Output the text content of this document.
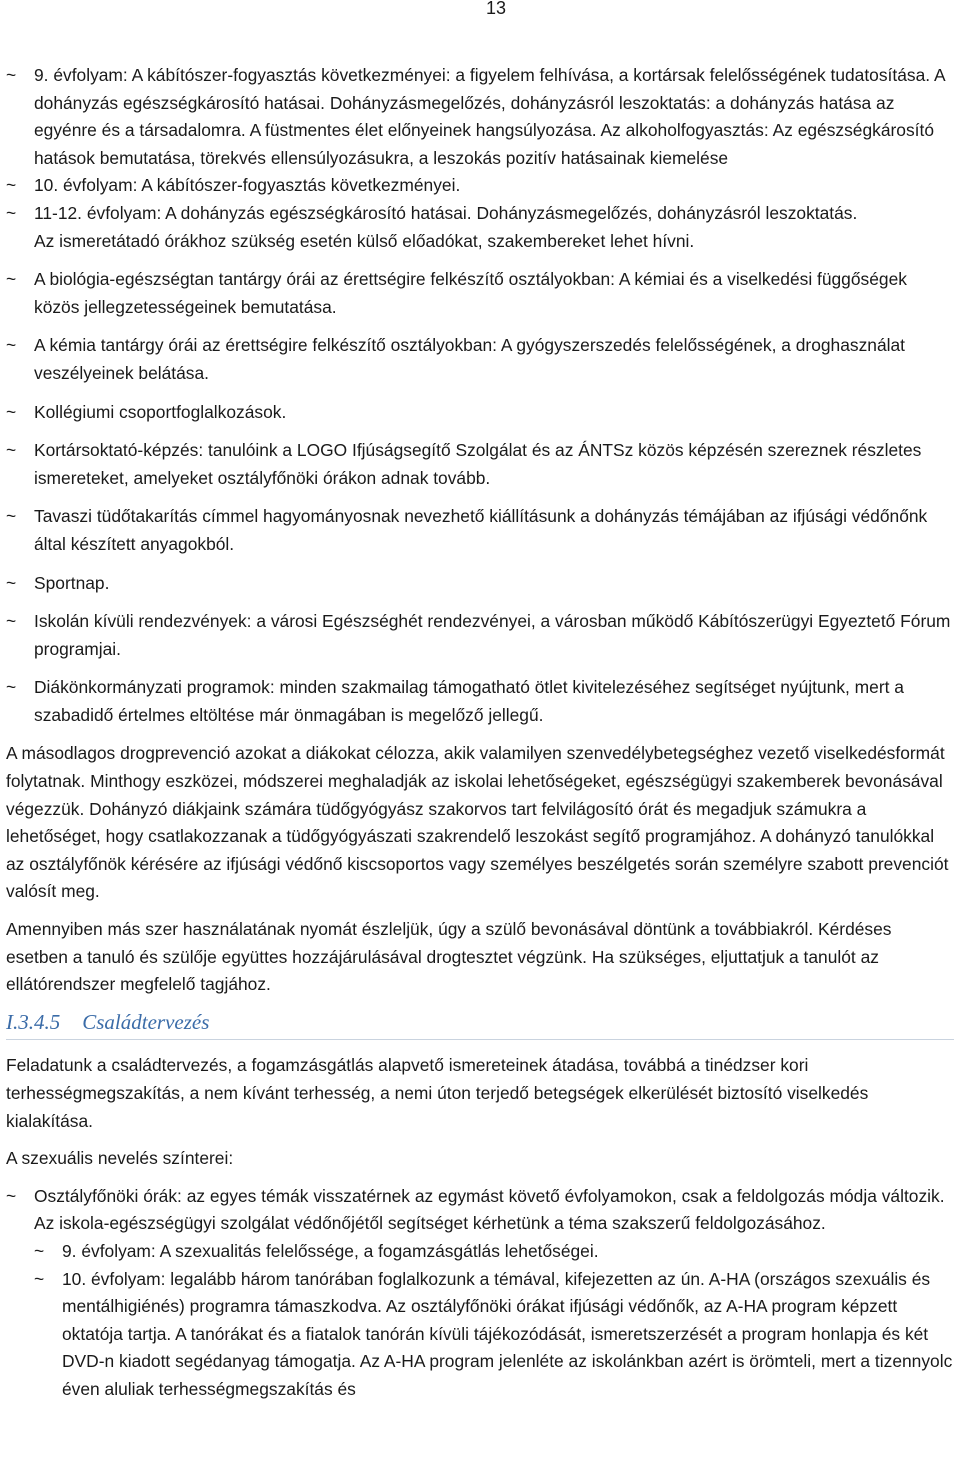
13
~ 9. évfolyam: A kábítószer-fogyasztás következményei: a figyelem felhívása, a kortársak felelősségének tudatosítása. A dohányzás egészségkárosító hatásai. Dohányzásmegelőzés, dohányzásról leszoktatás: a dohányzás hatása az egyénre és a társadalomra. A füstmentes élet előnyeinek hangsúlyozása. Az alkoholfogyasztás: Az egészségkárosító hatások bemutatása, törekvés ellensúlyozásukra, a leszokás pozitív hatásainak kiemelése
~ 10. évfolyam: A kábítószer-fogyasztás következményei.
~ 11-12. évfolyam: A dohányzás egészségkárosító hatásai. Dohányzásmegelőzés, dohányzásról leszoktatás.
Az ismeretátadó órákhoz szükség esetén külső előadókat, szakembereket lehet hívni.
~ A biológia-egészségtan tantárgy órái az érettségire felkészítő osztályokban: A kémiai és a viselkedési függőségek közös jellegzetességeinek bemutatása.
~ A kémia tantárgy órái az érettségire felkészítő osztályokban: A gyógyszerszedés felelősségének, a droghasználat veszélyeinek belátása.
~ Kollégiumi csoportfoglalkozások.
~ Kortársoktató-képzés: tanulóink a LOGO Ifjúságsegítő Szolgálat és az ÁNTSz közös képzésén szereznek részletes ismereteket, amelyeket osztályfőnöki órákon adnak tovább.
~ Tavaszi tüdőtakarítás címmel hagyományosnak nevezhető kiállításunk a dohányzás témájában az ifjúsági védőnőnk által készített anyagokból.
~ Sportnap.
~ Iskolán kívüli rendezvények: a városi Egészséghét rendezvényei, a városban működő Kábítószerügyi Egyeztető Fórum programjai.
~ Diákönkormányzati programok: minden szakmailag támogatható ötlet kivitelezéséhez segítséget nyújtunk, mert a szabadidő értelmes eltöltése már önmagában is megelőző jellegű.

A másodlagos drogprevenció azokat a diákokat célozza, akik valamilyen szenvedélybetegséghez vezető viselkedésformát folytatnak. Minthogy eszközei, módszerei meghaladják az iskolai lehetőségeket, egészségügyi szakemberek bevonásával végezzük. Dohányzó diákjaink számára tüdőgyógyász szakorvos tart felvilágosító órát és megadjuk számukra a lehetőséget, hogy csatlakozzanak a tüdőgyógyászati szakrendelő leszokást segítő programjához. A dohányzó tanulókkal az osztályfőnök kérésére az ifjúsági védőnő kiscsoportos vagy személyes beszélgetés során személyre szabott prevenciót valósít meg.

Amennyiben más szer használatának nyomát észleljük, úgy a szülő bevonásával döntünk a továbbiakról. Kérdéses esetben a tanuló és szülője együttes hozzájárulásával drogtesztet végzünk. Ha szükséges, eljuttatjuk a tanulót az ellátórendszer megfelelő tagjához.

I.3.4.5 Családtervezés

Feladatunk a családtervezés, a fogamzásgátlás alapvető ismereteinek átadása, továbbá a tinédzser kori terhességmegszakítás, a nem kívánt terhesség, a nemi úton terjedő betegségek elkerülését biztosító viselkedés kialakítása.

A szexuális nevelés színterei:

~ Osztályfőnöki órák: az egyes témák visszatérnek az egymást követő évfolyamokon, csak a feldolgozás módja változik. Az iskola-egészségügyi szolgálat védőnőjétől segítséget kérhetünk a téma szakszerű feldolgozásához.
~ 9. évfolyam: A szexualitás felelőssége, a fogamzásgátlás lehetőségei.
~ 10. évfolyam: legalább három tanórában foglalkozunk a témával, kifejezetten az ún. A-HA (országos szexuális és mentálhigiénés) programra támaszkodva. Az osztályfőnöki órákat ifjúsági védőnők, az A-HA program képzett oktatója tartja. A tanórákat és a fiatalok tanórán kívüli tájékozódását, ismeretszerzését a program honlapja és két DVD-n kiadott segédanyag támogatja. Az A-HA program jelenléte az iskolánkban azért is örömteli, mert a tizennyolc éven aluliak terhességmegszakítás és
